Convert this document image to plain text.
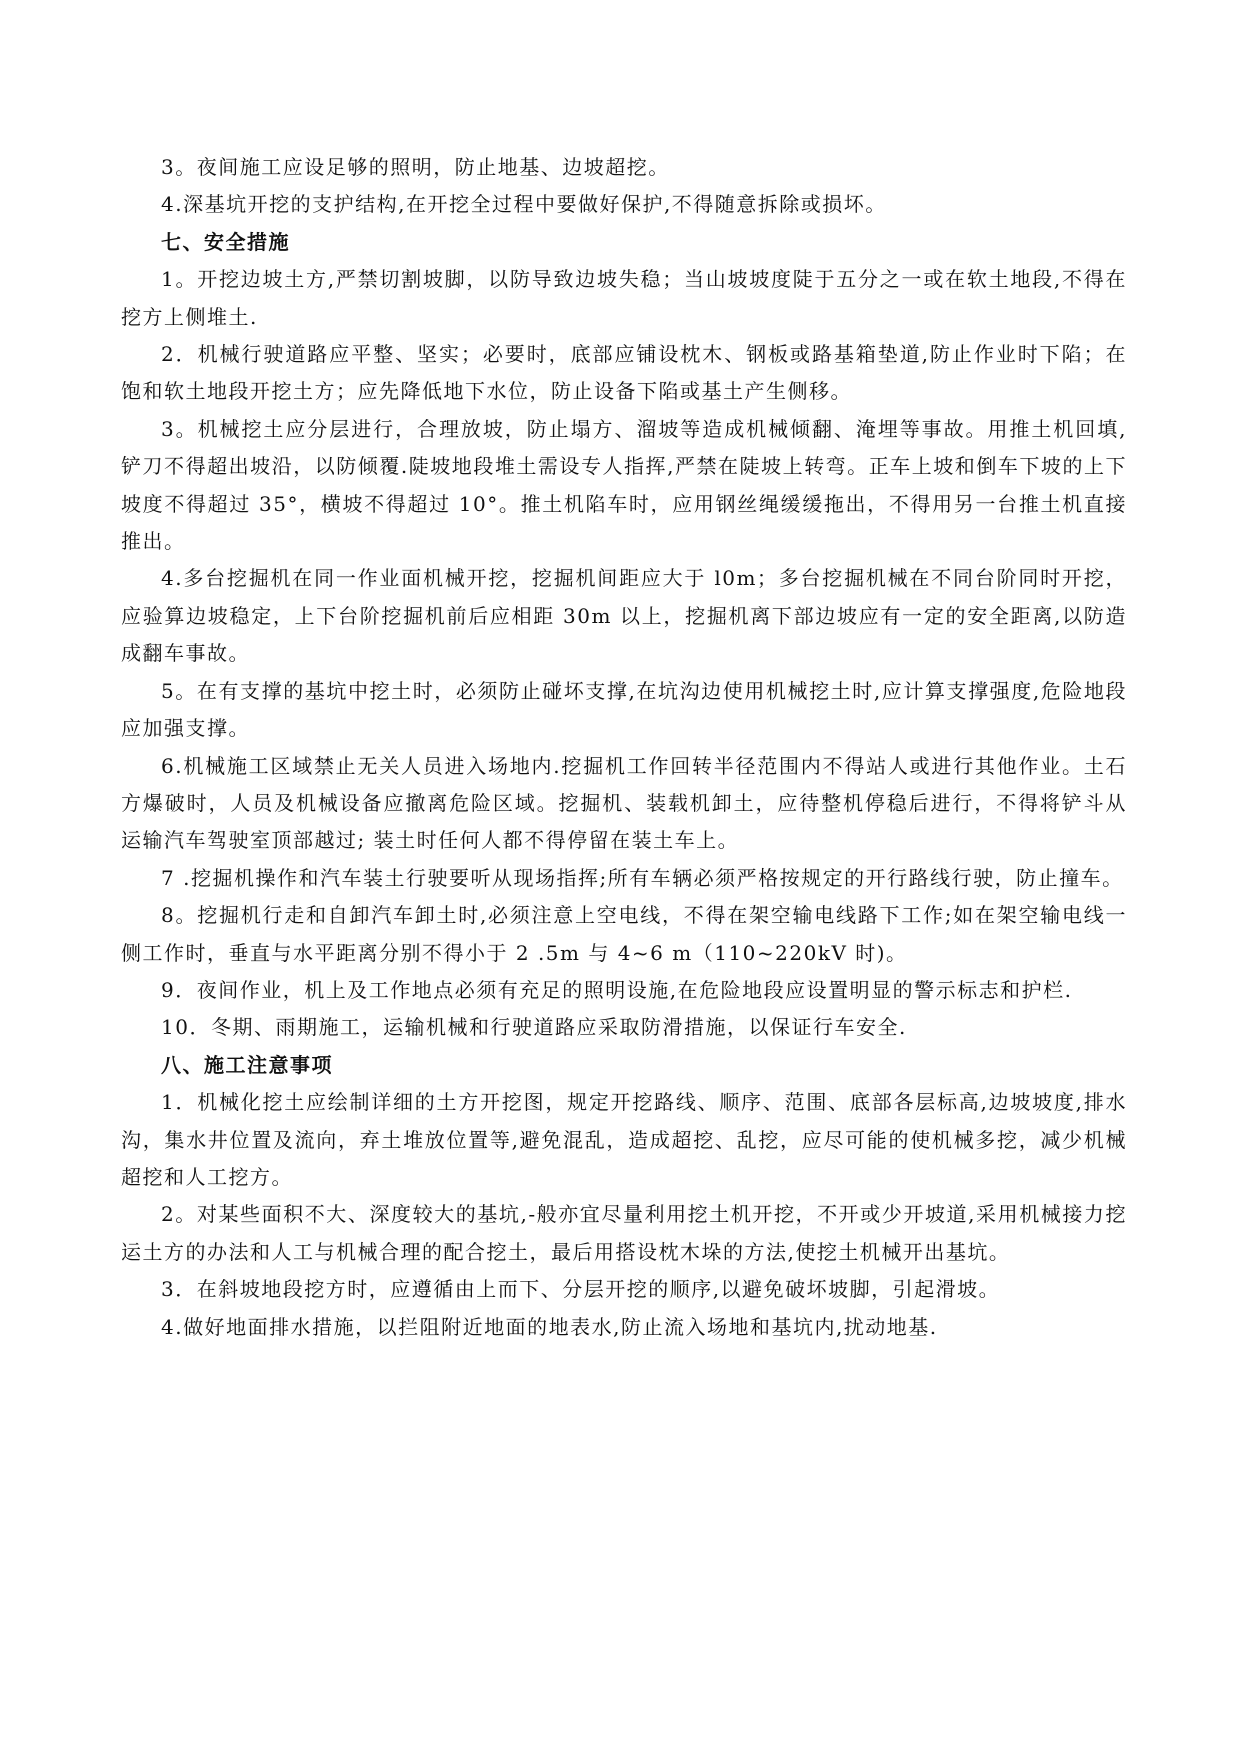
3。夜间施工应设足够的照明，防止地基、边坡超挖。

4.深基坑开挖的支护结构,在开挖全过程中要做好保护,不得随意拆除或损坏。

七、安全措施

1。开挖边坡土方,严禁切割坡脚，以防导致边坡失稳；当山坡坡度陡于五分之一或在软土地段,不得在挖方上侧堆土.

2．机械行驶道路应平整、坚实；必要时，底部应铺设枕木、钢板或路基箱垫道,防止作业时下陷；在饱和软土地段开挖土方；应先降低地下水位，防止设备下陷或基土产生侧移。

3。机械挖土应分层进行，合理放坡，防止塌方、溜坡等造成机械倾翻、淹埋等事故。用推土机回填,铲刀不得超出坡沿，以防倾覆.陡坡地段堆土需设专人指挥,严禁在陡坡上转弯。正车上坡和倒车下坡的上下坡度不得超过 35°，横坡不得超过 10°。推土机陷车时，应用钢丝绳缓缓拖出，不得用另一台推土机直接推出。

4.多台挖掘机在同一作业面机械开挖，挖掘机间距应大于 l0m；多台挖掘机械在不同台阶同时开挖，应验算边坡稳定，上下台阶挖掘机前后应相距 30m 以上，挖掘机离下部边坡应有一定的安全距离,以防造成翻车事故。

5。在有支撑的基坑中挖土时，必须防止碰坏支撑,在坑沟边使用机械挖土时,应计算支撑强度,危险地段应加强支撑。

6.机械施工区域禁止无关人员进入场地内.挖掘机工作回转半径范围内不得站人或进行其他作业。土石方爆破时，人员及机械设备应撤离危险区域。挖掘机、装载机卸土，应待整机停稳后进行，不得将铲斗从运输汽车驾驶室顶部越过; 装土时任何人都不得停留在装土车上。

7 .挖掘机操作和汽车装土行驶要听从现场指挥;所有车辆必须严格按规定的开行路线行驶，防止撞车。

8。挖掘机行走和自卸汽车卸土时,必须注意上空电线，不得在架空输电线路下工作;如在架空输电线一侧工作时，垂直与水平距离分别不得小于 2 .5m 与 4~6 m（110~220kV 时)。

9．夜间作业，机上及工作地点必须有充足的照明设施,在危险地段应设置明显的警示标志和护栏.

10．冬期、雨期施工，运输机械和行驶道路应采取防滑措施，以保证行车安全.

八、施工注意事项

1．机械化挖土应绘制详细的土方开挖图，规定开挖路线、顺序、范围、底部各层标高,边坡坡度,排水沟，集水井位置及流向，弃土堆放位置等,避免混乱，造成超挖、乱挖，应尽可能的使机械多挖，减少机械超挖和人工挖方。

2。对某些面积不大、深度较大的基坑,-般亦宜尽量利用挖土机开挖，不开或少开坡道,采用机械接力挖运土方的办法和人工与机械合理的配合挖土，最后用搭设枕木垛的方法,使挖土机械开出基坑。

3．在斜坡地段挖方时，应遵循由上而下、分层开挖的顺序,以避免破坏坡脚，引起滑坡。

4.做好地面排水措施，以拦阻附近地面的地表水,防止流入场地和基坑内,扰动地基.
